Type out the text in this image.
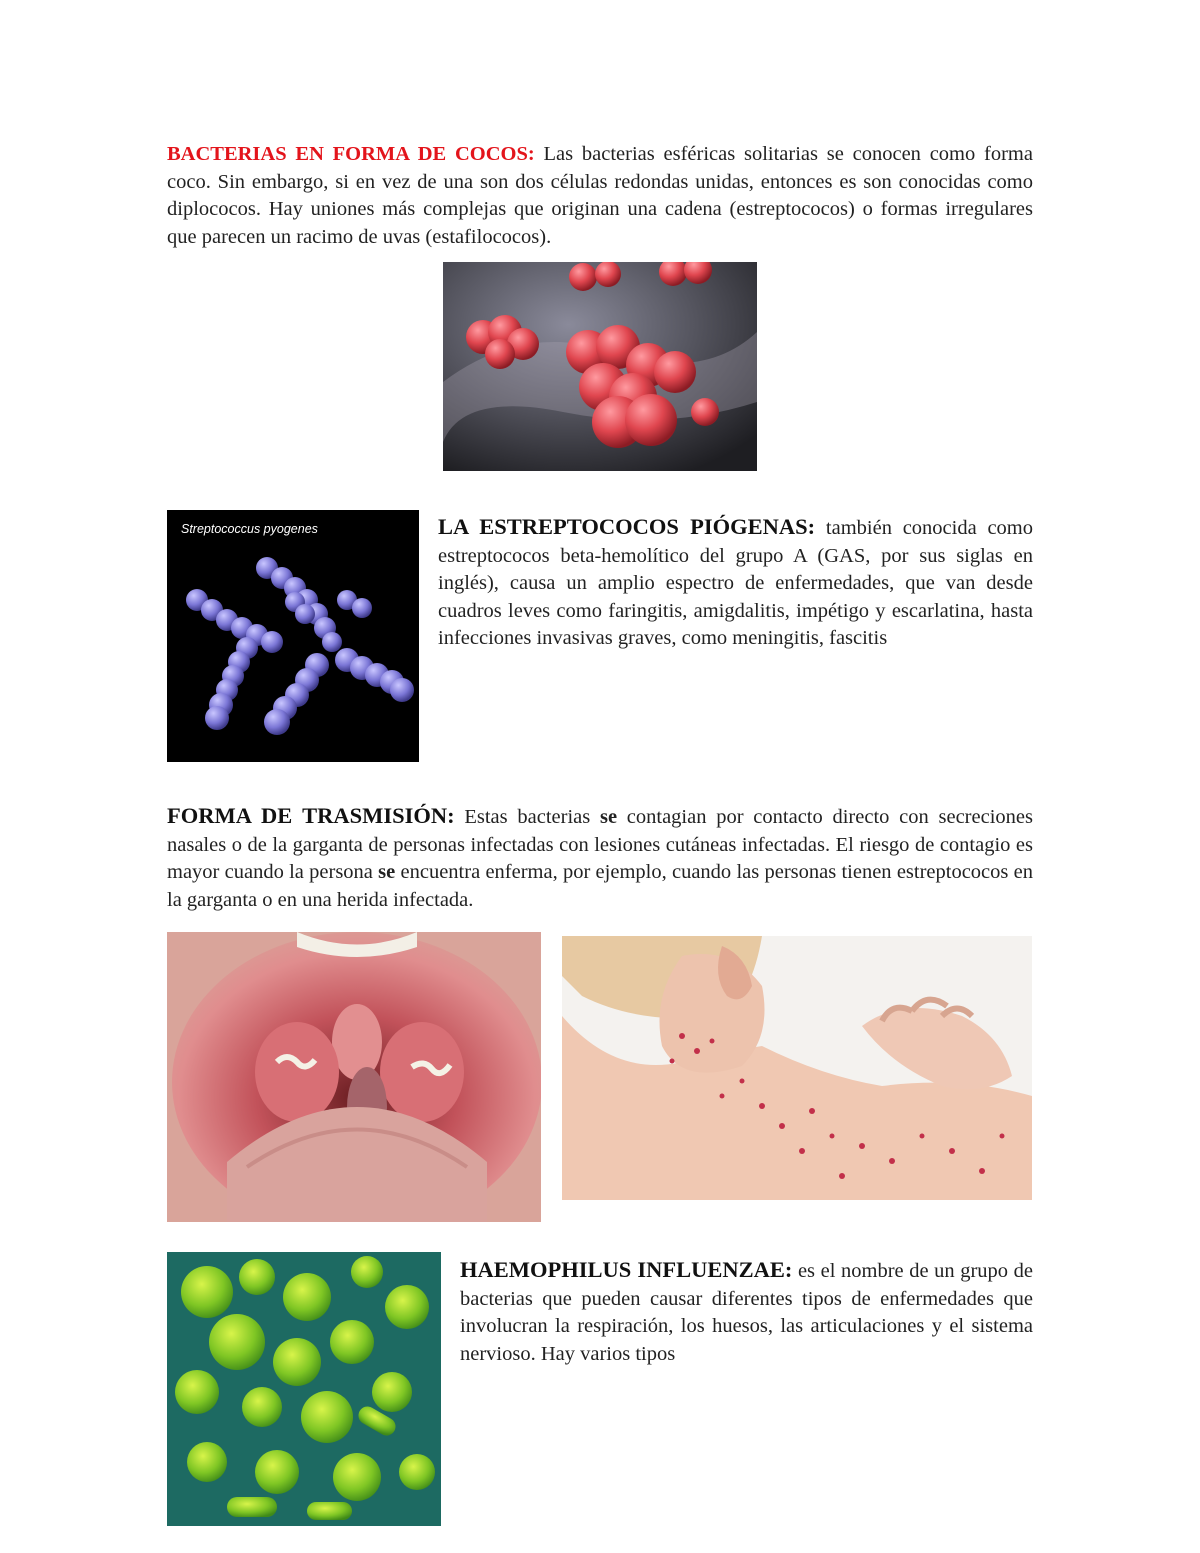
BACTERIAS EN FORMA DE COCOS: Las bacterias esféricas solitarias se conocen como forma coco. Sin embargo, si en vez de una son dos células redondas unidas, entonces es son conocidas como diplococos. Hay uniones más complejas que originan una cadena (estreptococos) o formas irregulares que parecen un racimo de uvas (estafilococos).

Streptococcus pyogenes	LA ESTREPTOCOCOS PIÓGENAS: también conocida como estreptococos beta-hemolítico del grupo A (GAS, por sus siglas en inglés), causa un amplio espectro de enfermedades, que van desde cuadros leves como faringitis, amigdalitis, impétigo y escarlatina, hasta infecciones invasivas graves, como meningitis, fascitis

FORMA DE TRASMISIÓN: Estas bacterias se contagian por contacto directo con secreciones nasales o de la garganta de personas infectadas con lesiones cutáneas infectadas. El riesgo de contagio es mayor cuando la persona se encuentra enferma, por ejemplo, cuando las personas tienen estreptococos en la garganta o en una herida infectada.

HAEMOPHILUS INFLUENZAE: es el nombre de un grupo de bacterias que pueden causar diferentes tipos de enfermedades que involucran la respiración, los huesos, las articulaciones y el sistema nervioso. Hay varios tipos
